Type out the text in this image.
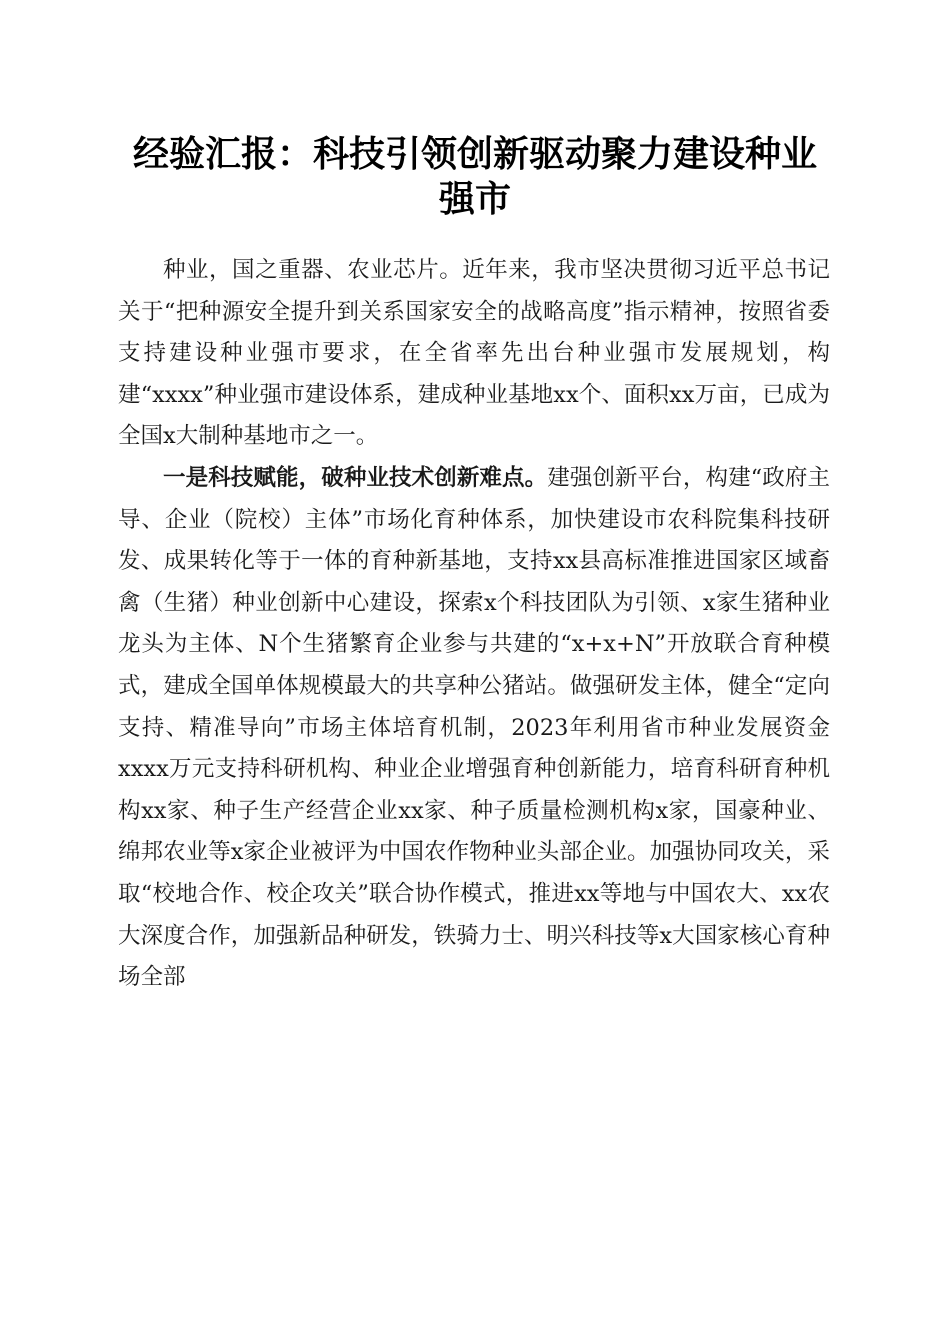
经验汇报：科技引领创新驱动聚力建设种业强市

种业，国之重器、农业芯片。近年来，我市坚决贯彻习近平总书记关于“把种源安全提升到关系国家安全的战略高度”指示精神，按照省委支持建设种业强市要求，在全省率先出台种业强市发展规划，构建“xxxx”种业强市建设体系，建成种业基地xx个、面积xx万亩，已成为全国x大制种基地市之一。

一是科技赋能，破种业技术创新难点。建强创新平台，构建“政府主导、企业（院校）主体”市场化育种体系，加快建设市农科院集科技研发、成果转化等于一体的育种新基地，支持xx县高标准推进国家区域畜禽（生猪）种业创新中心建设，探索x个科技团队为引领、x家生猪种业龙头为主体、N个生猪繁育企业参与共建的“x+x+N”开放联合育种模式，建成全国单体规模最大的共享种公猪站。做强研发主体，健全“定向支持、精准导向”市场主体培育机制，2023年利用省市种业发展资金xxxx万元支持科研机构、种业企业增强育种创新能力，培育科研育种机构xx家、种子生产经营企业xx家、种子质量检测机构x家，国豪种业、绵邦农业等x家企业被评为中国农作物种业头部企业。加强协同攻关，采取“校地合作、校企攻关”联合协作模式，推进xx等地与中国农大、xx农大深度合作，加强新品种研发，铁骑力士、明兴科技等x大国家核心育种场全部
